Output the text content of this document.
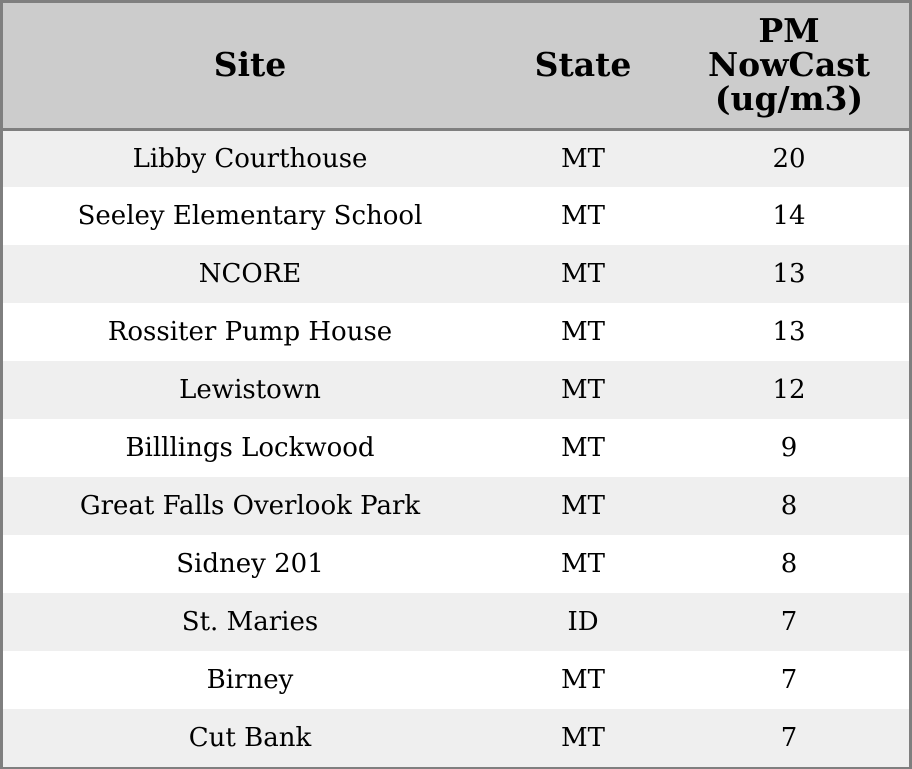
Site	State	PM
NowCast
(ug/m3)

Libby Courthouse	MT	20
Seeley Elementary School	MT	14
NCORE	MT	13
Rossiter Pump House	MT	13
Lewistown	MT	12
Billlings Lockwood	MT	9
Great Falls Overlook Park	MT	8
Sidney 201	MT	8
St. Maries	ID	7
Birney	MT	7
Cut Bank	MT	7
